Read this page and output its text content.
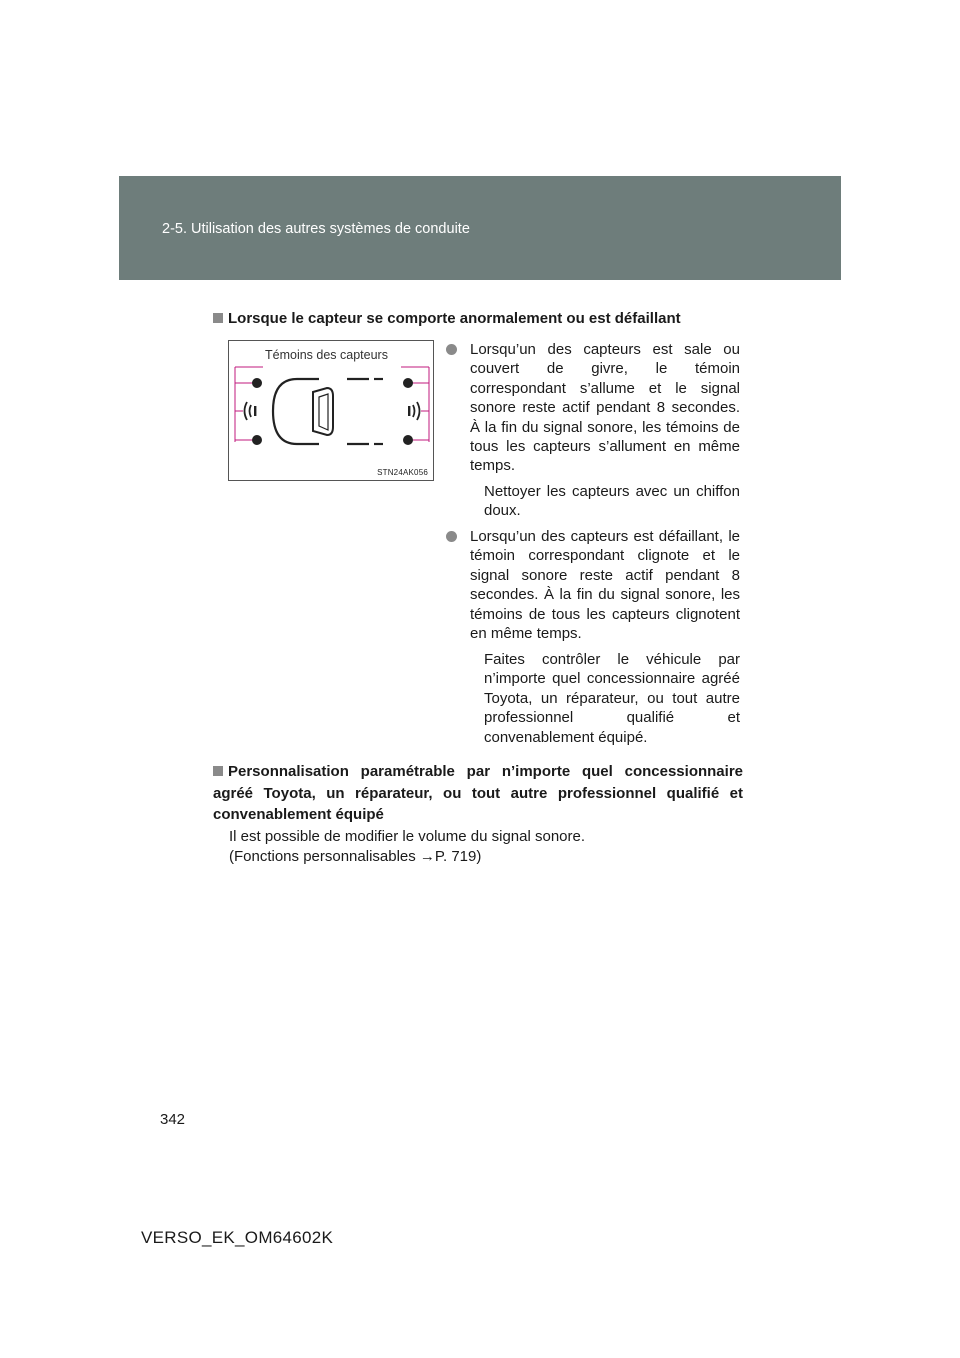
2-5. Utilisation des autres systèmes de conduite
Lorsque le capteur se comporte anormalement ou est défaillant
Témoins des capteurs
STN24AK056
Lorsqu’un des capteurs est sale ou couvert de givre, le témoin correspondant s’allume et le signal sonore reste actif pendant 8 secondes. À la fin du signal sonore, les témoins de tous les capteurs s’allument en même temps.
Nettoyer les capteurs avec un chiffon doux.
Lorsqu’un des capteurs est défaillant, le témoin correspondant clignote et le signal sonore reste actif pendant 8 secondes. À la fin du signal sonore, les témoins de tous les capteurs clignotent en même temps.
Faites contrôler le véhicule par n’importe quel concessionnaire agréé Toyota, un réparateur, ou tout autre professionnel qualifié et convenablement équipé.
Personnalisation paramétrable par n’importe quel concessionnaire agréé Toyota, un réparateur, ou tout autre professionnel qualifié et convenablement équipé
Il est possible de modifier le volume du signal sonore.
(Fonctions personnalisables →P. 719)
342
VERSO_EK_OM64602K
